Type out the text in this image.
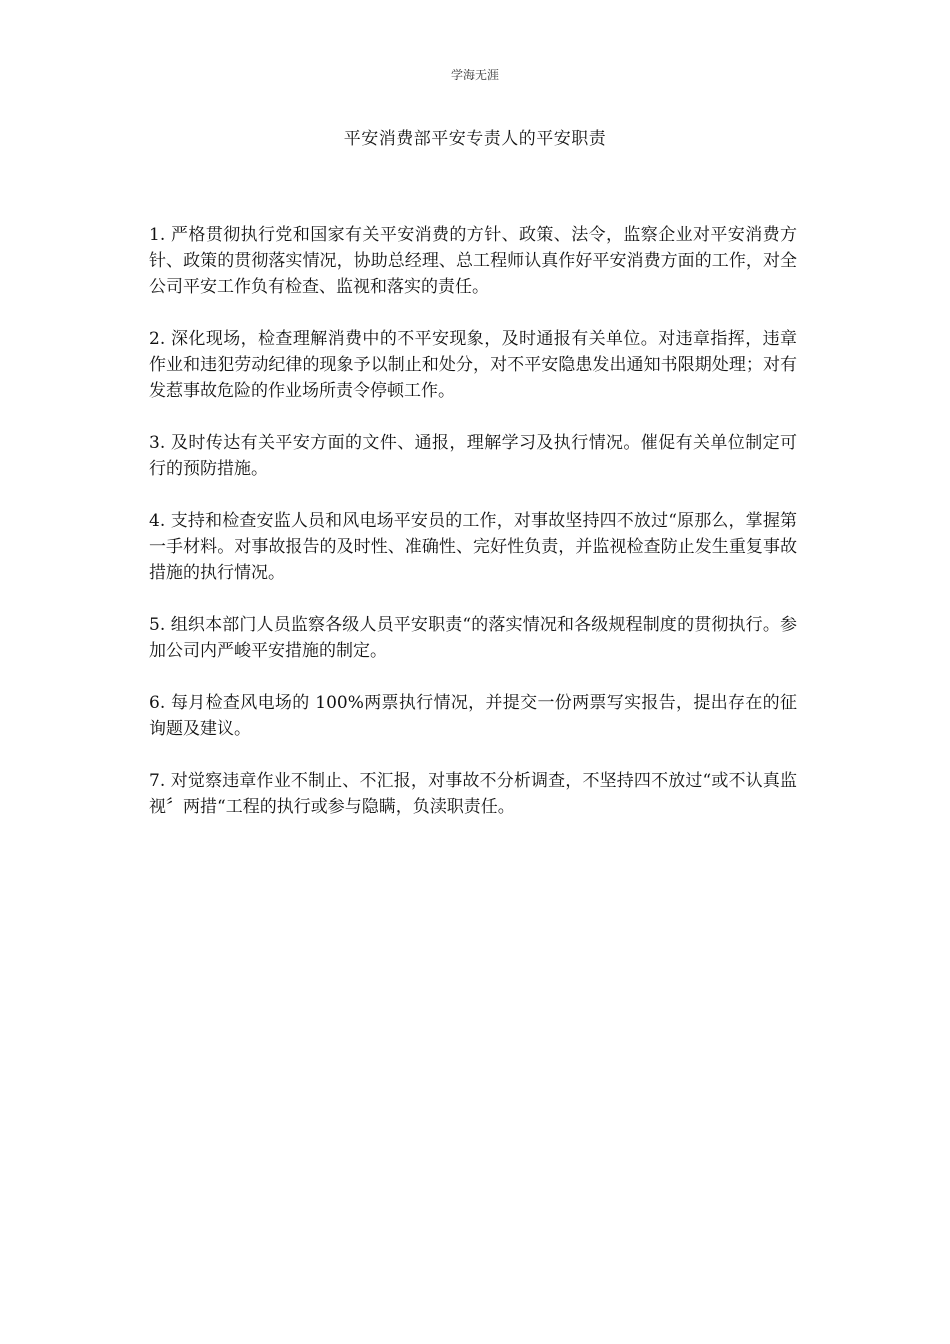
学海无涯
平安消费部平安专责人的平安职责

1. 严格贯彻执行党和国家有关平安消费的方针、政策、法令，监察企业对平安消费方针、政策的贯彻落实情况，协助总经理、总工程师认真作好平安消费方面的工作，对全公司平安工作负有检查、监视和落实的责任。

2. 深化现场，检查理解消费中的不平安现象，及时通报有关单位。对违章指挥，违章作业和违犯劳动纪律的现象予以制止和处分，对不平安隐患发出通知书限期处理；对有发惹事故危险的作业场所责令停顿工作。

3. 及时传达有关平安方面的文件、通报，理解学习及执行情况。催促有关单位制定可行的预防措施。

4. 支持和检查安监人员和风电场平安员的工作，对事故坚持四不放过“原那么，掌握第一手材料。对事故报告的及时性、准确性、完好性负责，并监视检查防止发生重复事故措施的执行情况。

5. 组织本部门人员监察各级人员平安职责“的落实情况和各级规程制度的贯彻执行。参加公司内严峻平安措施的制定。

6. 每月检查风电场的 100%两票执行情况，并提交一份两票写实报告，提出存在的征询题及建议。

7. 对觉察违章作业不制止、不汇报，对事故不分析调查，不坚持四不放过“或不认真监视〞两措“工程的执行或参与隐瞒，负渎职责任。
